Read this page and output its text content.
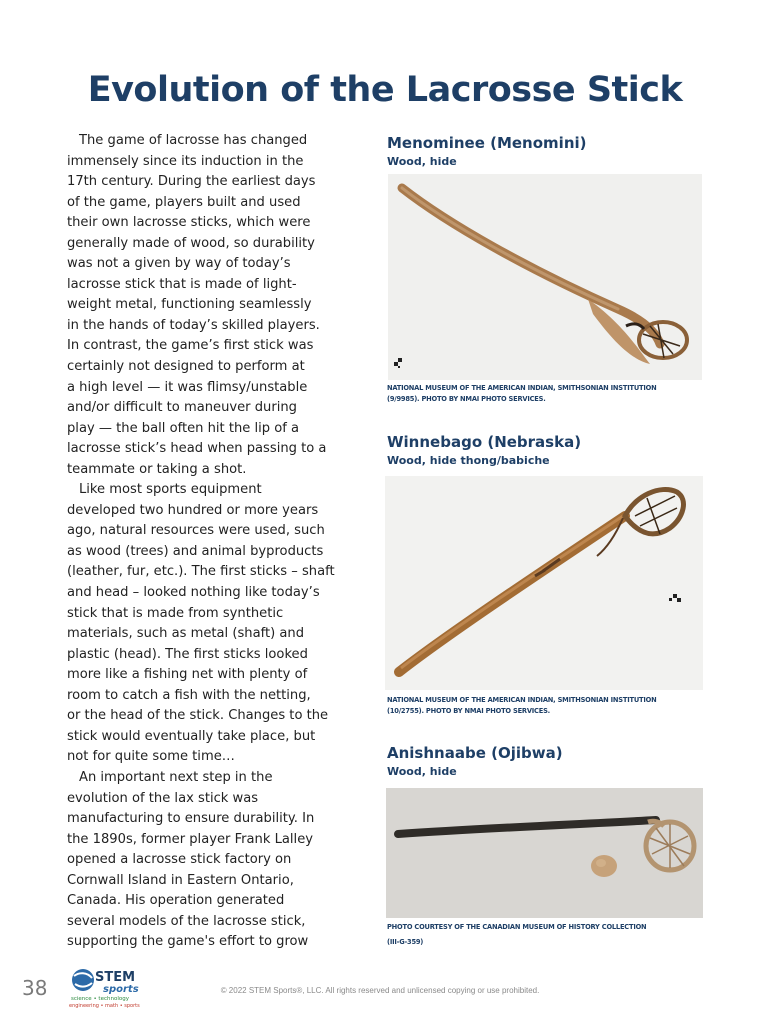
Evolution of the Lacrosse Stick

The game of lacrosse has changed
immensely since its induction in the
17th century. During the earliest days
of the game, players built and used
their own lacrosse sticks, which were
generally made of wood, so durability
was not a given by way of today’s
lacrosse stick that is made of light-
weight metal, functioning seamlessly
in the hands of today’s skilled players.
In contrast, the game’s first stick was
certainly not designed to perform at
a high level — it was flimsy/unstable
and/or difficult to maneuver during
play — the ball often hit the lip of a
lacrosse stick’s head when passing to a
teammate or taking a shot.

Like most sports equipment
developed two hundred or more years
ago, natural resources were used, such
as wood (trees) and animal byproducts
(leather, fur, etc.). The first sticks – shaft
and head – looked nothing like today’s
stick that is made from synthetic
materials, such as metal (shaft) and
plastic (head). The first sticks looked
more like a fishing net with plenty of
room to catch a fish with the netting,
or the head of the stick. Changes to the
stick would eventually take place, but
not for quite some time…

An important next step in the
evolution of the lax stick was
manufacturing to ensure durability. In
the 1890s, former player Frank Lalley
opened a lacrosse stick factory on
Cornwall Island in Eastern Ontario,
Canada. His operation generated
several models of the lacrosse stick,
supporting the game's effort to grow

Menominee (Menomini)
Wood, hide
NATIONAL MUSEUM OF THE AMERICAN INDIAN, SMITHSONIAN INSTITUTION
(9/9985). PHOTO BY NMAI PHOTO SERVICES.
Winnebago (Nebraska)
Wood, hide thong/babiche
NATIONAL MUSEUM OF THE AMERICAN INDIAN, SMITHSONIAN INSTITUTION
(10/2755). PHOTO BY NMAI PHOTO SERVICES.
Anishnaabe (Ojibwa)
Wood, hide
PHOTO COURTESY OF THE CANADIAN MUSEUM OF HISTORY COLLECTION
(III-G-359)
38	STEM
sports
science • technology
engineering • math • sports
© 2022 STEM Sports®, LLC. All rights reserved and unlicensed copying or use prohibited.
